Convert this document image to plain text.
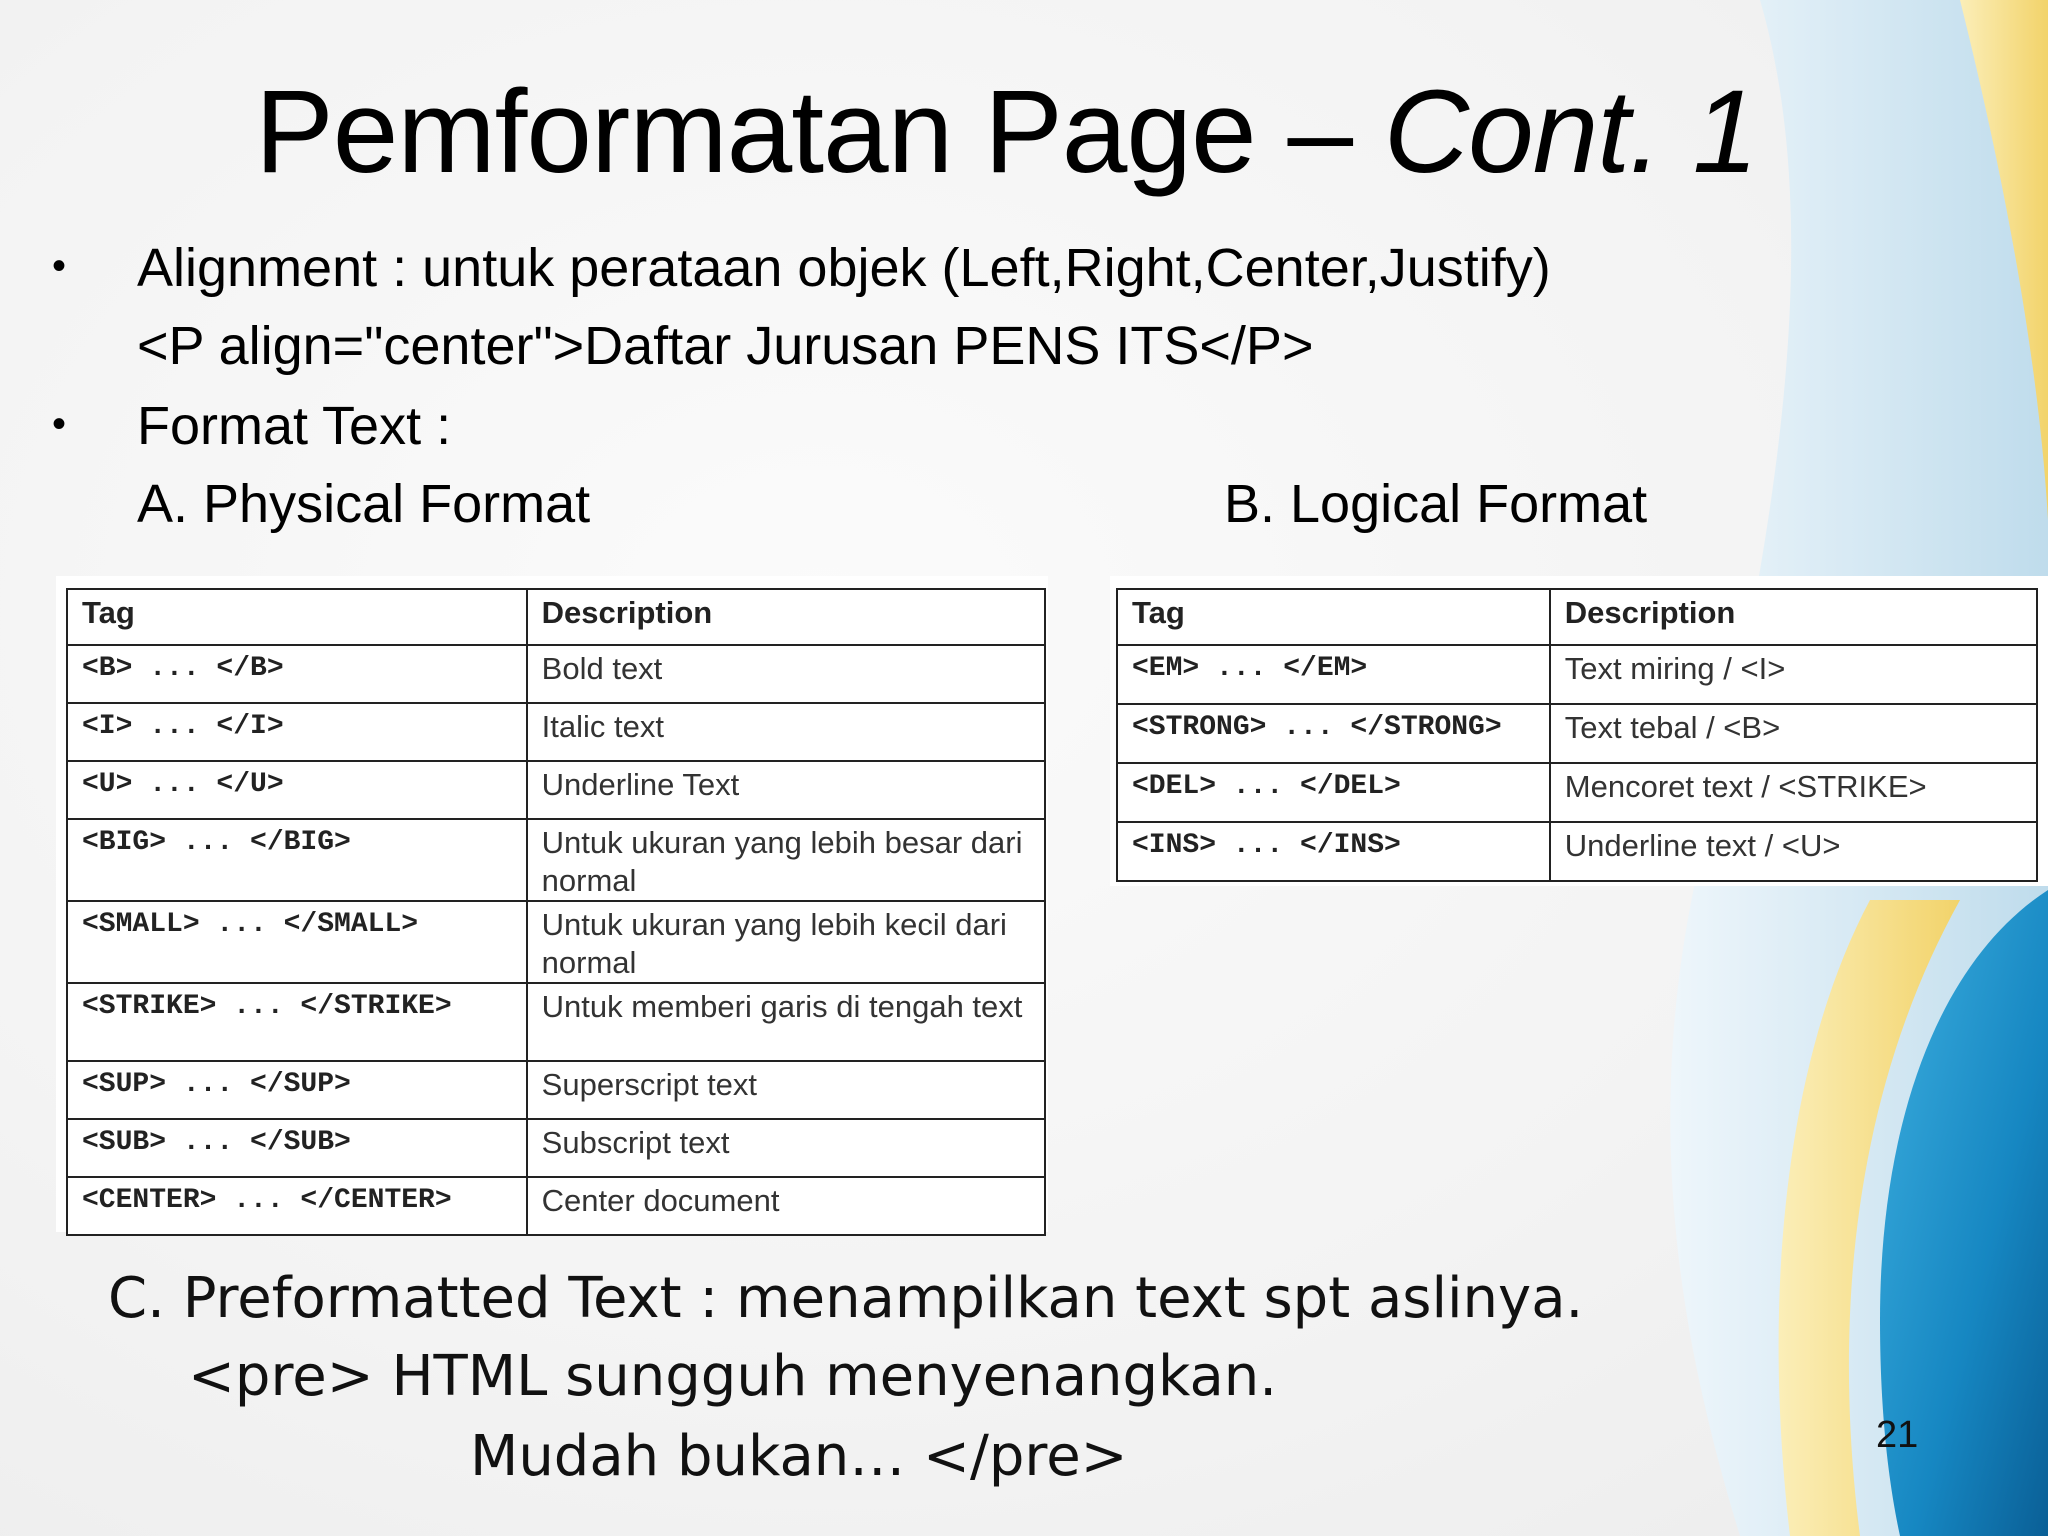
Pemformatan Page – Cont. 1
• Alignment : untuk perataan objek (Left,Right,Center,Justify)
<P align="center">Daftar Jurusan PENS ITS</P>
• Format Text :
A. Physical Format	B. Logical Format
Tag	Description
<B> ... </B>	Bold text
<I> ... </I>	Italic text
<U> ... </U>	Underline Text
<BIG> ... </BIG>	Untuk ukuran yang lebih besar dari normal
<SMALL> ... </SMALL>	Untuk ukuran yang lebih kecil dari normal
<STRIKE> ... </STRIKE>	Untuk memberi garis di tengah text
<SUP> ... </SUP>	Superscript text
<SUB> ... </SUB>	Subscript text
<CENTER> ... </CENTER>	Center document
Tag	Description
<EM> ... </EM>	Text miring / <I>
<STRONG> ... </STRONG>	Text tebal / <B>
<DEL> ... </DEL>	Mencoret text / <STRIKE>
<INS> ... </INS>	Underline text / <U>
C. Preformatted Text : menampilkan text spt aslinya.
<pre> HTML sungguh menyenangkan.
Mudah bukan… </pre>	21
